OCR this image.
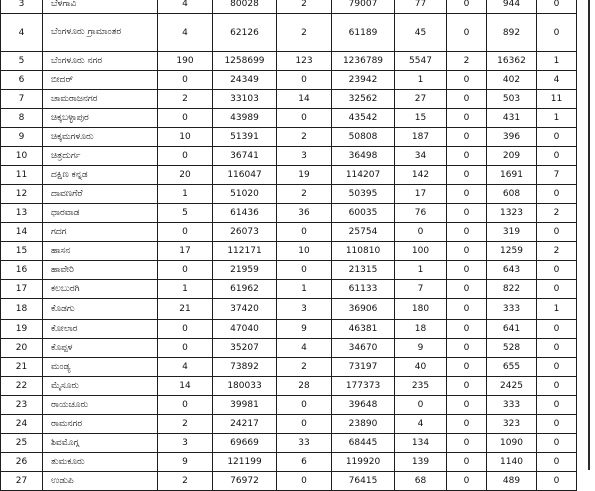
3	ಬೆಳಗಾವಿ	4	80028	2	79007	77	0	944	0
4	ಬೆಂಗಳೂರು ಗ್ರಾಮಾಂತರ	4	62126	2	61189	45	0	892	0
5	ಬೆಂಗಳೂರು ನಗರ	190	1258699	123	1236789	5547	2	16362	1
6	ಬೀದರ್	0	24349	0	23942	1	0	402	4
7	ಚಾಮರಾಜನಗರ	2	33103	14	32562	27	0	503	11
8	ಚಿಕ್ಕಬಳ್ಳಾಪುರ	0	43989	0	43542	15	0	431	1
9	ಚಿಕ್ಕಮಗಳೂರು	10	51391	2	50808	187	0	396	0
10	ಚಿತ್ರದುರ್ಗ	0	36741	3	36498	34	0	209	0
11	ದಕ್ಷಿಣ ಕನ್ನಡ	20	116047	19	114207	142	0	1691	7
12	ದಾವಣಗೆರೆ	1	51020	2	50395	17	0	608	0
13	ಧಾರವಾಡ	5	61436	36	60035	76	0	1323	2
14	ಗದಗ	0	26073	0	25754	0	0	319	0
15	ಹಾಸನ	17	112171	10	110810	100	0	1259	2
16	ಹಾವೇರಿ	0	21959	0	21315	1	0	643	0
17	ಕಲಬುರಗಿ	1	61962	1	61133	7	0	822	0
18	ಕೊಡಗು	21	37420	3	36906	180	0	333	1
19	ಕೋಲಾರ	0	47040	9	46381	18	0	641	0
20	ಕೊಪ್ಪಳ	0	35207	4	34670	9	0	528	0
21	ಮಂಡ್ಯ	4	73892	2	73197	40	0	655	0
22	ಮೈಸೂರು	14	180033	28	177373	235	0	2425	0
23	ರಾಯಚೂರು	0	39981	0	39648	0	0	333	0
24	ರಾಮನಗರ	2	24217	0	23890	4	0	323	0
25	ಶಿವಮೊಗ್ಗ	3	69669	33	68445	134	0	1090	0
26	ತುಮಕೂರು	9	121199	6	119920	139	0	1140	0
27	ಉಡುಪಿ	2	76972	0	76415	68	0	489	0
